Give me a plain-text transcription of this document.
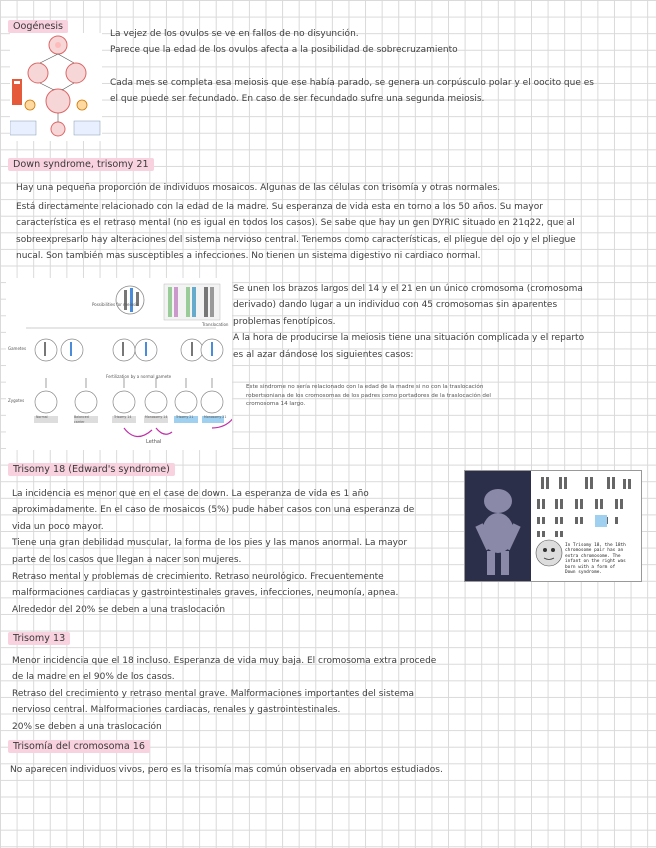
Oogénesis

La vejez de los ovulos se ve en fallos de no disyunción.

Parece que la edad de los ovulos afecta a la posibilidad de sobrecruzamiento

Cada mes se completa esa meiosis que ese había parado, se genera un corpúsculo polar y el oocito que es

el que puede ser fecundado. En caso de ser fecundado sufre una segunda meiosis.

Down syndrome, trisomy 21

Hay una pequeña proporción de individuos mosaicos. Algunas de las células con trisomía y otras normales.

Está directamente relacionado con la edad de la madre. Su esperanza de vida esta en torno a los 50 años. Su mayor

característica es el retraso mental (no es igual en todos los casos). Se sabe que hay un gen DYRIC situado en 21q22, que al

sobreexpresarlo hay alteraciones del sistema nervioso central. Tenemos como características, el pliegue del ojo y el pliegue

nucal. Son también mas susceptibles a infecciones. No tienen un sistema digestivo ni cardiaco normal.

Possibilities for meiosis
Translocation
Gametes
Zygotes
Fertilization by a normal gamete
Normal	Balanced carrier
Trisomy 14	Monosomy 14	Trisomy 21	Monosomy 21
Lethal

Se unen los brazos largos del 14 y el 21 en un único cromosoma (cromosoma

derivado) dando lugar a un individuo con 45 cromosomas sin aparentes

problemas fenotípicos.

A la hora de producirse la meiosis tiene una situación complicada y el reparto

es al azar dándose los siguientes casos:

Este síndrome no sería relacionado con la edad de la madre si no con la traslocación
robertsoniana de los cromosomas de los padres como portadores de la traslocación del
cromosoma 14 largo.
Trisomy 18 (Edward's syndrome)

La incidencia es menor que en el case de down. La esperanza de vida es 1 año

aproximadamente. En el caso de mosaicos (5%) pude haber casos con una esperanza de

vida un poco mayor.

Tiene una gran debilidad muscular, la forma de los pies y las manos anormal. La mayor

parte de los casos que llegan a nacer son mujeres.

Retraso mental y problemas de crecimiento. Retraso neurológico. Frecuentemente

malformaciones cardiacas y gastrointestinales graves, infecciones, neumonía, apnea.

Alrededor del 20% se deben a una traslocación

In Trisomy 18, the 18th
chromosome pair has an
extra chromosome. The
infant on the right was
born with a form of
Down syndrome.
Trisomy 13

Menor incidencia que el 18 incluso. Esperanza de vida muy baja. El cromosoma extra procede

de la madre en el 90% de los casos.

Retraso del crecimiento y retraso mental grave. Malformaciones importantes del sistema

nervioso central. Malformaciones cardiacas, renales y gastrointestinales.

20% se deben a una traslocación

Trisomía del cromosoma 16

No aparecen individuos vivos, pero es la trisomía mas común observada en abortos estudiados.
